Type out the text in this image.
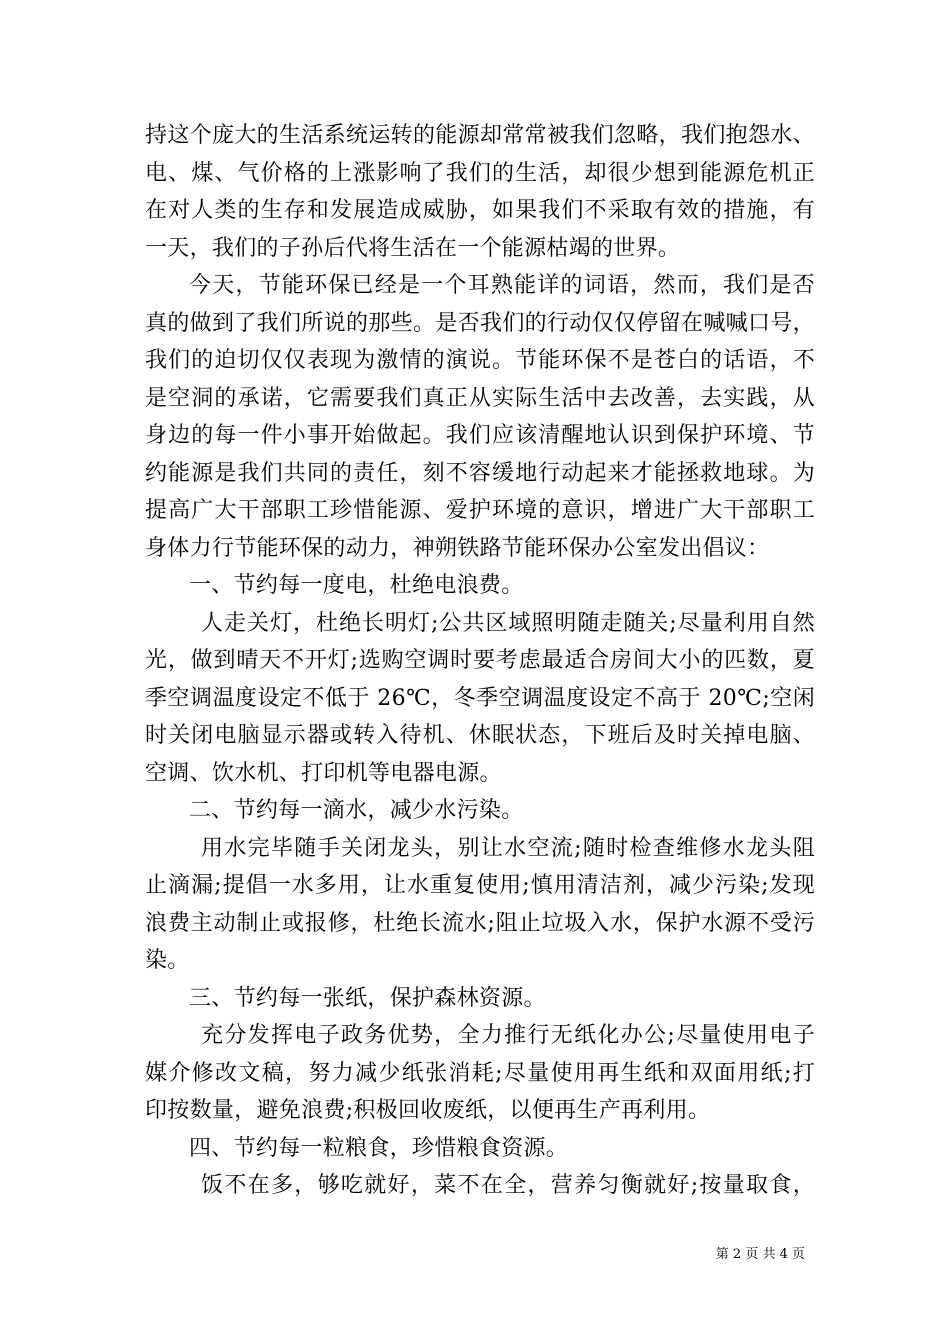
持这个庞大的生活系统运转的能源却常常被我们忽略，我们抱怨水、
电、煤、气价格的上涨影响了我们的生活，却很少想到能源危机正
在对人类的生存和发展造成威胁，如果我们不采取有效的措施，有
一天，我们的子孙后代将生活在一个能源枯竭的世界。
今天，节能环保已经是一个耳熟能详的词语，然而，我们是否
真的做到了我们所说的那些。是否我们的行动仅仅停留在喊喊口号，
我们的迫切仅仅表现为激情的演说。节能环保不是苍白的话语，不
是空洞的承诺，它需要我们真正从实际生活中去改善，去实践，从
身边的每一件小事开始做起。我们应该清醒地认识到保护环境、节
约能源是我们共同的责任，刻不容缓地行动起来才能拯救地球。为
提高广大干部职工珍惜能源、爱护环境的意识，增进广大干部职工
身体力行节能环保的动力，神朔铁路节能环保办公室发出倡议：
一、节约每一度电，杜绝电浪费。
人走关灯，杜绝长明灯;公共区域照明随走随关;尽量利用自然
光，做到晴天不开灯;选购空调时要考虑最适合房间大小的匹数，夏
季空调温度设定不低于 26℃，冬季空调温度设定不高于 20℃;空闲
时关闭电脑显示器或转入待机、休眠状态，下班后及时关掉电脑、
空调、饮水机、打印机等电器电源。
二、节约每一滴水，减少水污染。
用水完毕随手关闭龙头，别让水空流;随时检查维修水龙头阻
止滴漏;提倡一水多用，让水重复使用;慎用清洁剂，减少污染;发现
浪费主动制止或报修，杜绝长流水;阻止垃圾入水，保护水源不受污
染。
三、节约每一张纸，保护森林资源。
充分发挥电子政务优势，全力推行无纸化办公;尽量使用电子
媒介修改文稿，努力减少纸张消耗;尽量使用再生纸和双面用纸;打
印按数量，避免浪费;积极回收废纸，以便再生产再利用。
四、节约每一粒粮食，珍惜粮食资源。
饭不在多，够吃就好，菜不在全，营养匀衡就好;按量取食，
第 2 页 共 4 页
